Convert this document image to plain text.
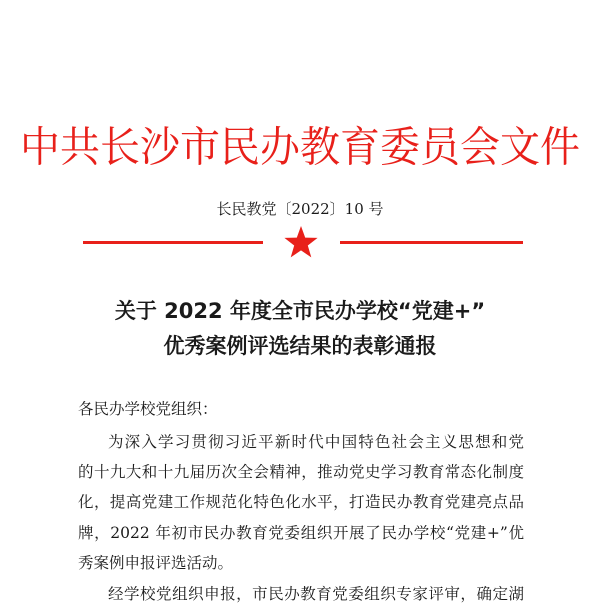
中共长沙市民办教育委员会文件
长民教党〔2022〕10 号
关于 2022 年度全市民办学校“党建+”
优秀案例评选结果的表彰通报
各民办学校党组织：
为深入学习贯彻习近平新时代中国特色社会主义思想和党
的十九大和十九届历次全会精神，推动党史学习教育常态化制度
化，提高党建工作规范化特色化水平，打造民办教育党建亮点品
牌，2022 年初市民办教育党委组织开展了民办学校“党建+”优
秀案例申报评选活动。
经学校党组织申报，市民办教育党委组织专家评审，确定湖
